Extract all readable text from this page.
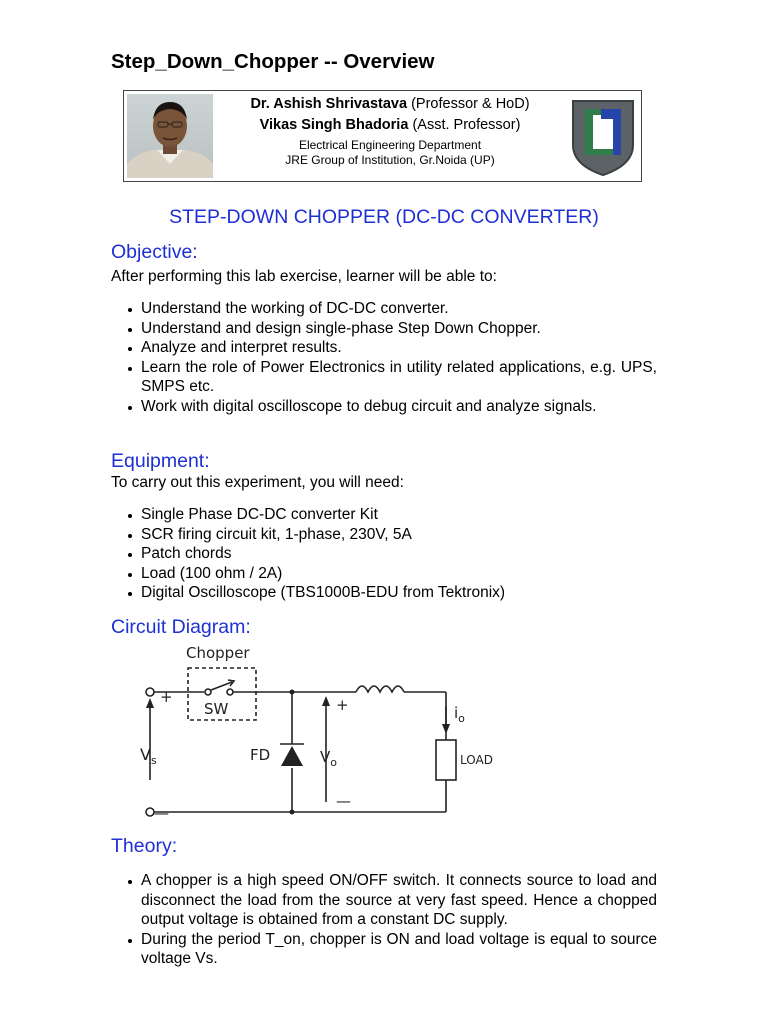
Step_Down_Chopper -- Overview
Dr. Ashish Shrivastava (Professor & HoD)
Vikas Singh Bhadoria (Asst. Professor)
Electrical Engineering Department
JRE Group of Institution, Gr.Noida (UP)
STEP-DOWN CHOPPER (DC-DC CONVERTER)
Objective:

After performing this lab exercise, learner will be able to:

Understand the working of DC-DC converter.
Understand and design single-phase Step Down Chopper.
Analyze and interpret results.
Learn the role of Power Electronics in utility related applications, e.g. UPS, SMPS etc.
Work with digital oscilloscope to debug circuit and analyze signals.
Equipment:

To carry out this experiment, you will need:

Single Phase DC-DC converter Kit
SCR firing circuit kit, 1-phase, 230V, 5A
Patch chords
Load (100 ohm / 2A)
Digital Oscilloscope (TBS1000B-EDU from Tektronix)
Circuit Diagram:
Chopper
SW
+
—
$V_s$	FD	$V_o$
+
—
$i_o$
LOAD
Theory:
A chopper is a high speed ON/OFF switch. It connects source to load and disconnect the load from the source at very fast speed. Hence a chopped output voltage is obtained from a constant DC supply.
During the period T_on, chopper is ON and load voltage is equal to source voltage Vs.
